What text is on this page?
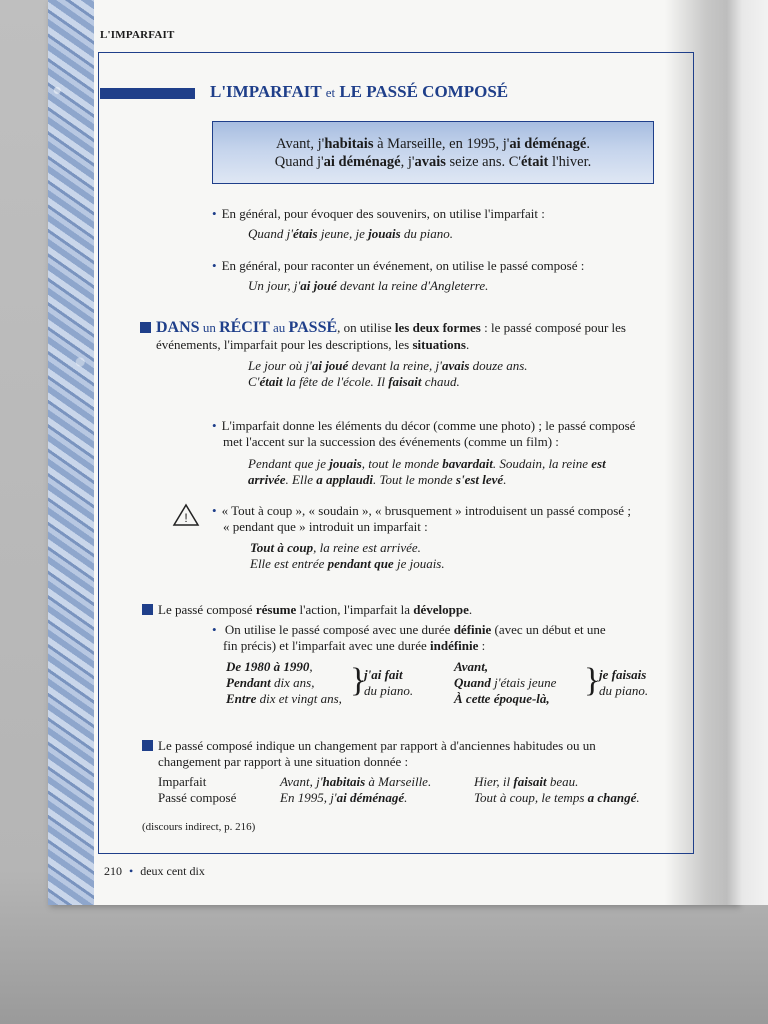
L'IMPARFAIT
L'IMPARFAIT et LE PASSÉ COMPOSÉ
Avant, j'habitais à Marseille, en 1995, j'ai déménagé.
Quand j'ai déménagé, j'avais seize ans. C'était l'hiver.
• En général, pour évoquer des souvenirs, on utilise l'imparfait :
Quand j'étais jeune, je jouais du piano.
• En général, pour raconter un événement, on utilise le passé composé :
Un jour, j'ai joué devant la reine d'Angleterre.
DANS un RÉCIT au PASSÉ, on utilise les deux formes : le passé composé pour les
événements, l'imparfait pour les descriptions, les situations.
Le jour où j'ai joué devant la reine, j'avais douze ans.
C'était la fête de l'école. Il faisait chaud.
• L'imparfait donne les éléments du décor (comme une photo) ; le passé composé
met l'accent sur la succession des événements (comme un film) :
Pendant que je jouais, tout le monde bavardait. Soudain, la reine est
arrivée. Elle a applaudi. Tout le monde s'est levé.
!
•	« Tout à coup », « soudain », « brusquement » introduisent un passé composé ;
« pendant que » introduit un imparfait :
Tout à coup, la reine est arrivée.
Elle est entrée pendant que je jouais.
Le passé composé résume l'action, l'imparfait la développe.
• On utilise le passé composé avec une durée définie (avec un début et une
fin précis) et l'imparfait avec une durée indéfinie :
De 1980 à 1990,
Pendant dix ans,
Entre dix et vingt ans, }
j'ai fait
du piano.
Avant,
Quand j'étais jeune
À cette époque-là, }
je faisais
du piano.
Le passé composé indique un changement par rapport à d'anciennes habitudes ou un
changement par rapport à une situation donnée :
Imparfait
Passé composé
Avant, j'habitais à Marseille.
En 1995, j'ai déménagé.
Hier, il faisait beau.
Tout à coup, le temps a changé.
(discours indirect, p. 216)
210 • deux cent dix
